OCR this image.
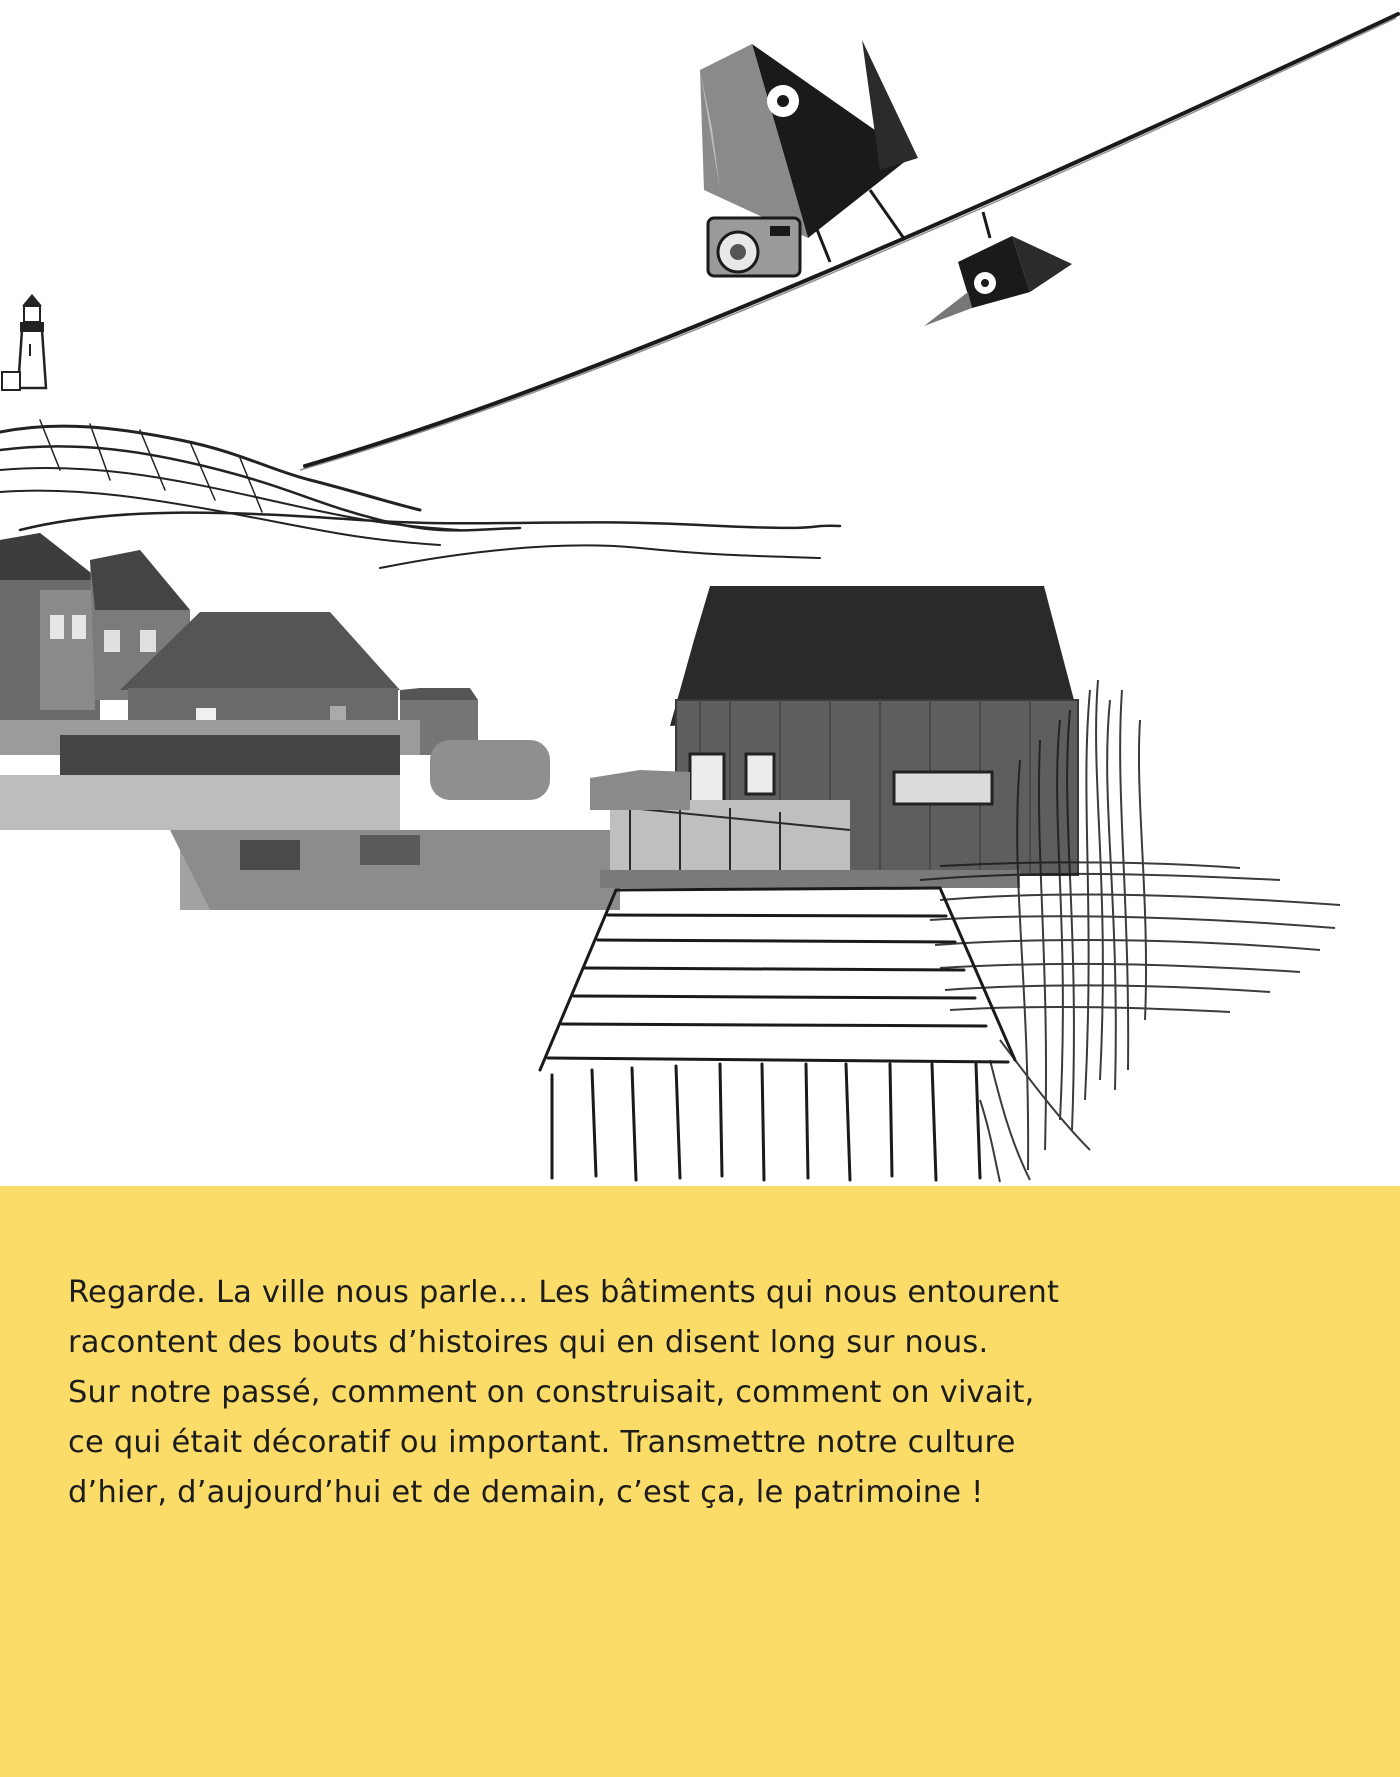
Regarde. La ville nous parle… Les bâtiments qui nous entourent
racontent des bouts d’histoires qui en disent long sur nous.
Sur notre passé, comment on construisait, comment on vivait,
ce qui était décoratif ou important. Transmettre notre culture
d’hier, d’aujourd’hui et de demain, c’est ça, le patrimoine !
